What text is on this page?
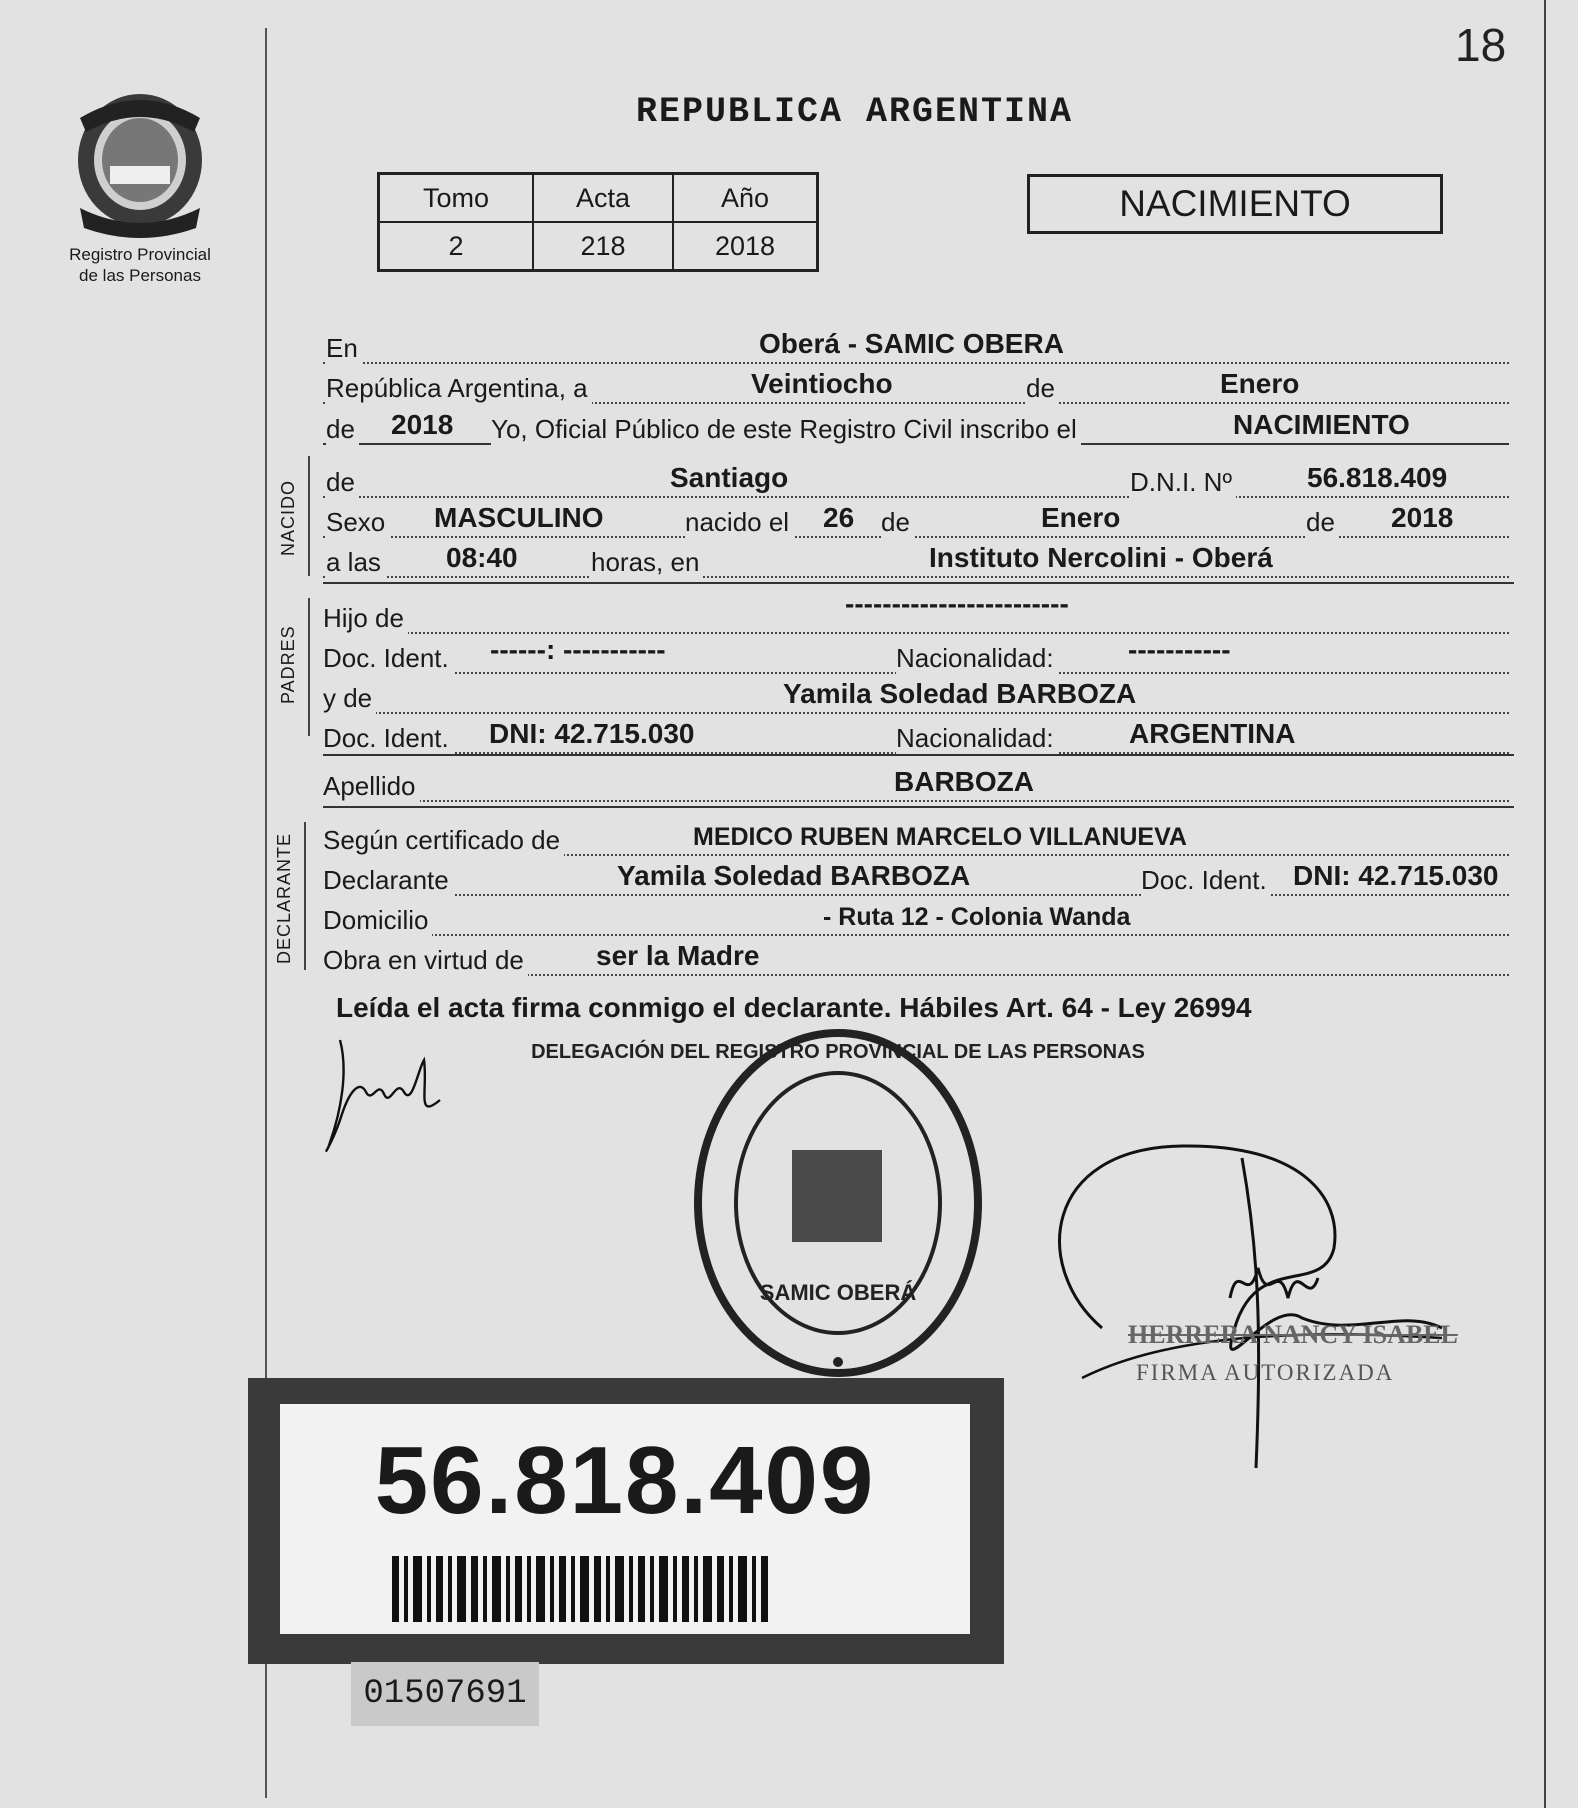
18
REPUBLICA ARGENTINA
Registro Provincial
de las Personas
Tomo	Acta	Año
2	218	2018
NACIMIENTO
En	Oberá - SAMIC OBERA
República Argentina, a	Veintiocho	de	Enero
de 2018 Yo, Oficial Público de este Registro Civil inscribo el	NACIMIENTO
NACIDO de	Santiago	D.N.I. Nº	56.818.409
Sexo MASCULINO	nacido el 26 de	Enero	de 2018
a las 08:40	horas, en	Instituto Nercolini - Oberá
PADRES
Hijo de	------------------------
Doc. Ident. ------: -----------	Nacionalidad:	-----------
y de	Yamila Soledad BARBOZA
Doc. Ident. DNI: 42.715.030	Nacionalidad:	ARGENTINA
Apellido	BARBOZA
DECLARANTE Según certificado de	MEDICO RUBEN MARCELO VILLANUEVA
Declarante	Yamila Soledad BARBOZA	Doc. Ident. DNI: 42.715.030
Domicilio	- Ruta 12 - Colonia Wanda
Obra en virtud de	ser la Madre
Leída el acta firma conmigo el declarante. Hábiles Art. 64 - Ley 26994
DELEGACIÓN DEL REGISTRO PROVINCIAL DE LAS PERSONAS
SAMIC OBERÁ
HERRERA NANCY ISABEL
FIRMA AUTORIZADA
56.818.409
01507691
